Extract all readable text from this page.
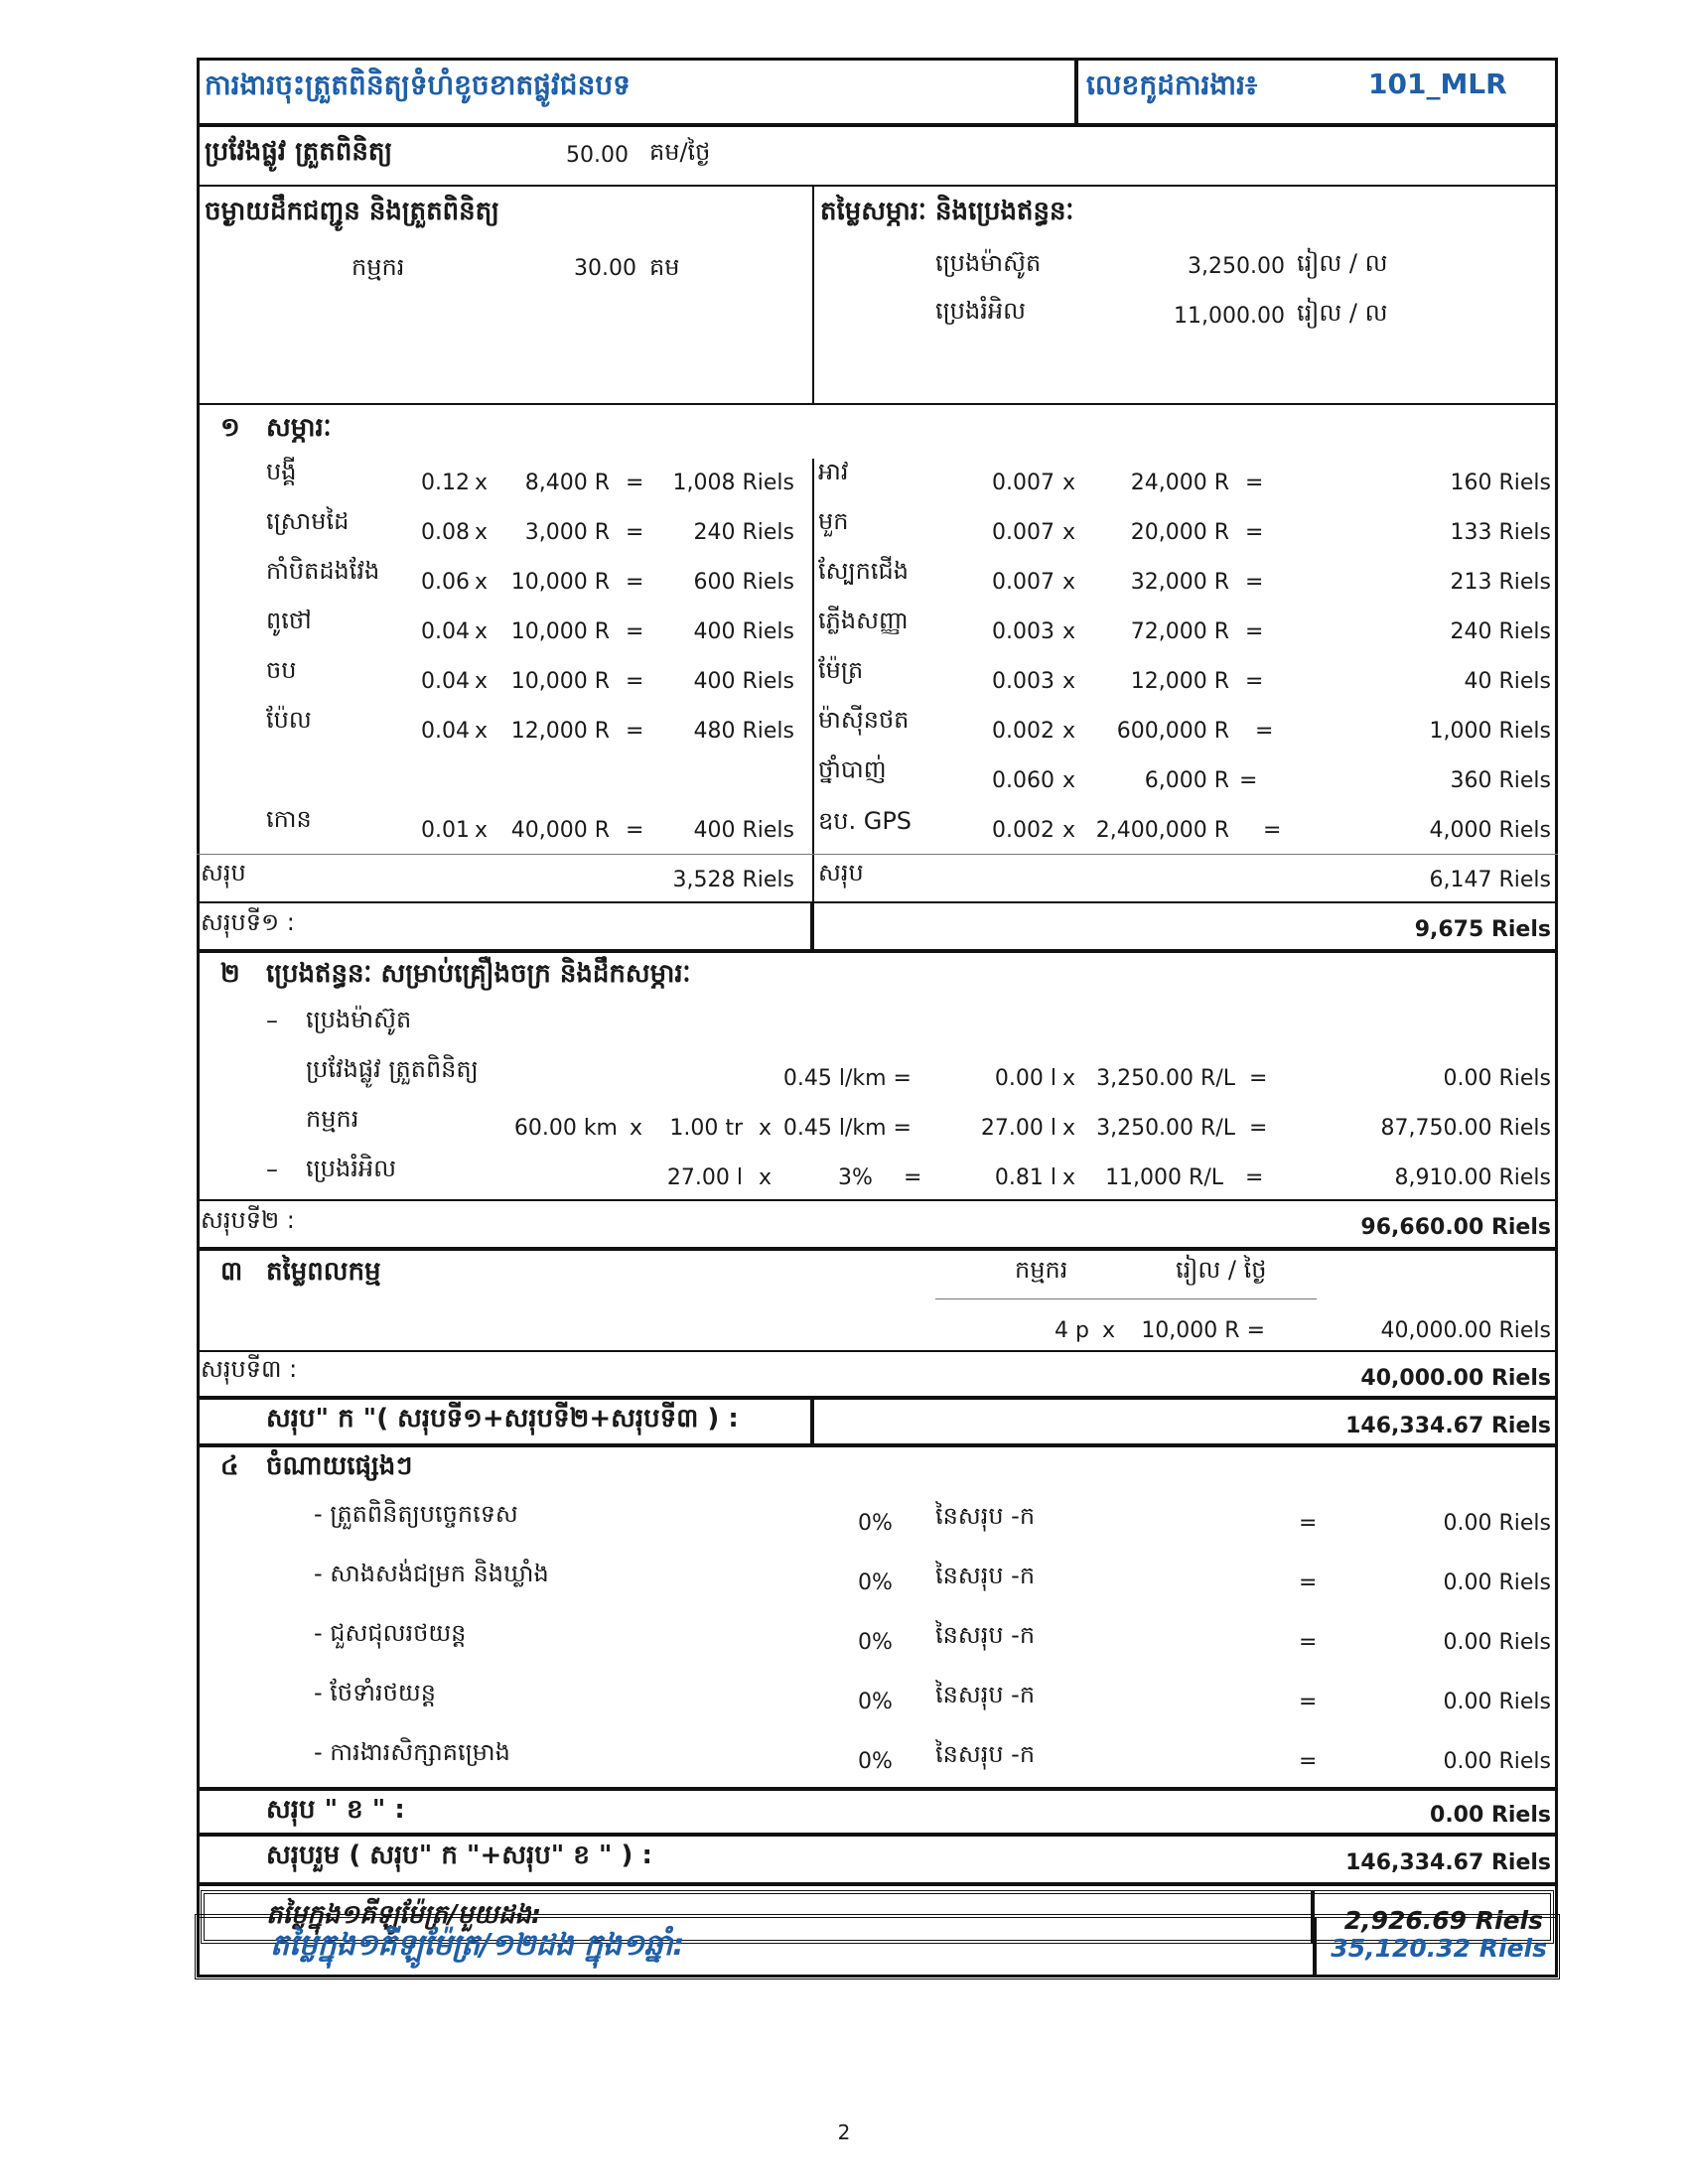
ការងារចុះត្រួតពិនិត្យទំហំខូចខាតផ្លូវជនបទ	លេខកូដការងារ៖	101_MLR
ប្រវែងផ្លូវ ត្រួតពិនិត្យ	50.00 គម/ថ្ងៃ
ចម្ងាយដឹកជញ្ជូន និងត្រួតពិនិត្យ
កម្មករ	30.00 គម
តម្លៃសម្ភារៈ និងប្រេងឥន្ធនៈ
ប្រេងម៉ាស៊ូត	3,250.00 រៀល / ល
ប្រេងរំអិល	11,000.00 រៀល / ល
១ សម្ភារៈ
បង្គី	0.12 x	8,400 R =	1,008 Riels
ស្រោមដៃ	0.08 x	3,000 R =	240 Riels
កាំបិតដងវែង 0.06 x	10,000 R =	600 Riels
ពូថៅ	0.04 x	10,000 R =	400 Riels
ចប	0.04 x	10,000 R =	400 Riels
ប៉ែល	0.04 x	12,000 R =	480 Riels
កោន	0.01 x	40,000 R =	400 Riels
អាវ	0.007 x	24,000 R =	160 Riels
មួក	0.007 x	20,000 R =	133 Riels
ស្បែកជើង	0.007 x	32,000 R =	213 Riels
ភ្លើងសញ្ញា	0.003 x	72,000 R =	240 Riels
ម៉ែត្រ	0.003 x	12,000 R =	40 Riels
ម៉ាស៊ីនថត	0.002 x	600,000 R =	1,000 Riels
ថ្នាំបាញ់	0.060 x	6,000 R =	360 Riels
ឧប. GPS	0.002 x 2,400,000 R =	4,000 Riels
សរុប	3,528 Riels សរុប	6,147 Riels
សរុបទី១ :	9,675 Riels
២ ប្រេងឥន្ធនៈ សម្រាប់គ្រឿងចក្រ និងដឹកសម្ភារៈ
– ប្រេងម៉ាស៊ូត
ប្រវែងផ្លូវ ត្រួតពិនិត្យ	0.45 l/km =	0.00 l x 3,250.00 R/L =	0.00 Riels
កម្មករ	60.00 km x	1.00 tr x 0.45 l/km =	27.00 l x 3,250.00 R/L =	87,750.00 Riels
– ប្រេងរំអិល	27.00 l x	3% =	0.81 l x	11,000 R/L =	8,910.00 Riels
សរុបទី២ :	96,660.00 Riels
៣ តម្លៃពលកម្ម	កម្មករ	រៀល / ថ្ងៃ
4 p x	10,000 R =	40,000.00 Riels
សរុបទី៣ :	40,000.00 Riels
សរុប" ក "( សរុបទី១+សរុបទី២+សរុបទី៣ ) :	146,334.67 Riels
៤ ចំណាយផ្សេងៗ
- ត្រួតពិនិត្យបច្ចេកទេស	0% នៃសរុប -ក	=	0.00 Riels
- សាងសង់ជម្រក និងឃ្លាំង	0% នៃសរុប -ក	=	0.00 Riels
- ជួសជុលរថយន្ត	0% នៃសរុប -ក	=	0.00 Riels
- ថែទាំរថយន្ត	0% នៃសរុប -ក	=	0.00 Riels
- ការងារសិក្សាគម្រោង	0% នៃសរុប -ក	=	0.00 Riels
សរុប " ខ " :	0.00 Riels
សរុបរួម ( សរុប" ក "+សរុប" ខ " ) :	146,334.67 Riels
តម្លៃក្នុង១គីឡូម៉ែត្រ/មួយដង:	2,926.69 Riels
តម្លៃក្នុង១គីឡូម៉ែត្រ/១២ដង ក្នុង១ឆ្នាំ:	35,120.32 Riels
2
